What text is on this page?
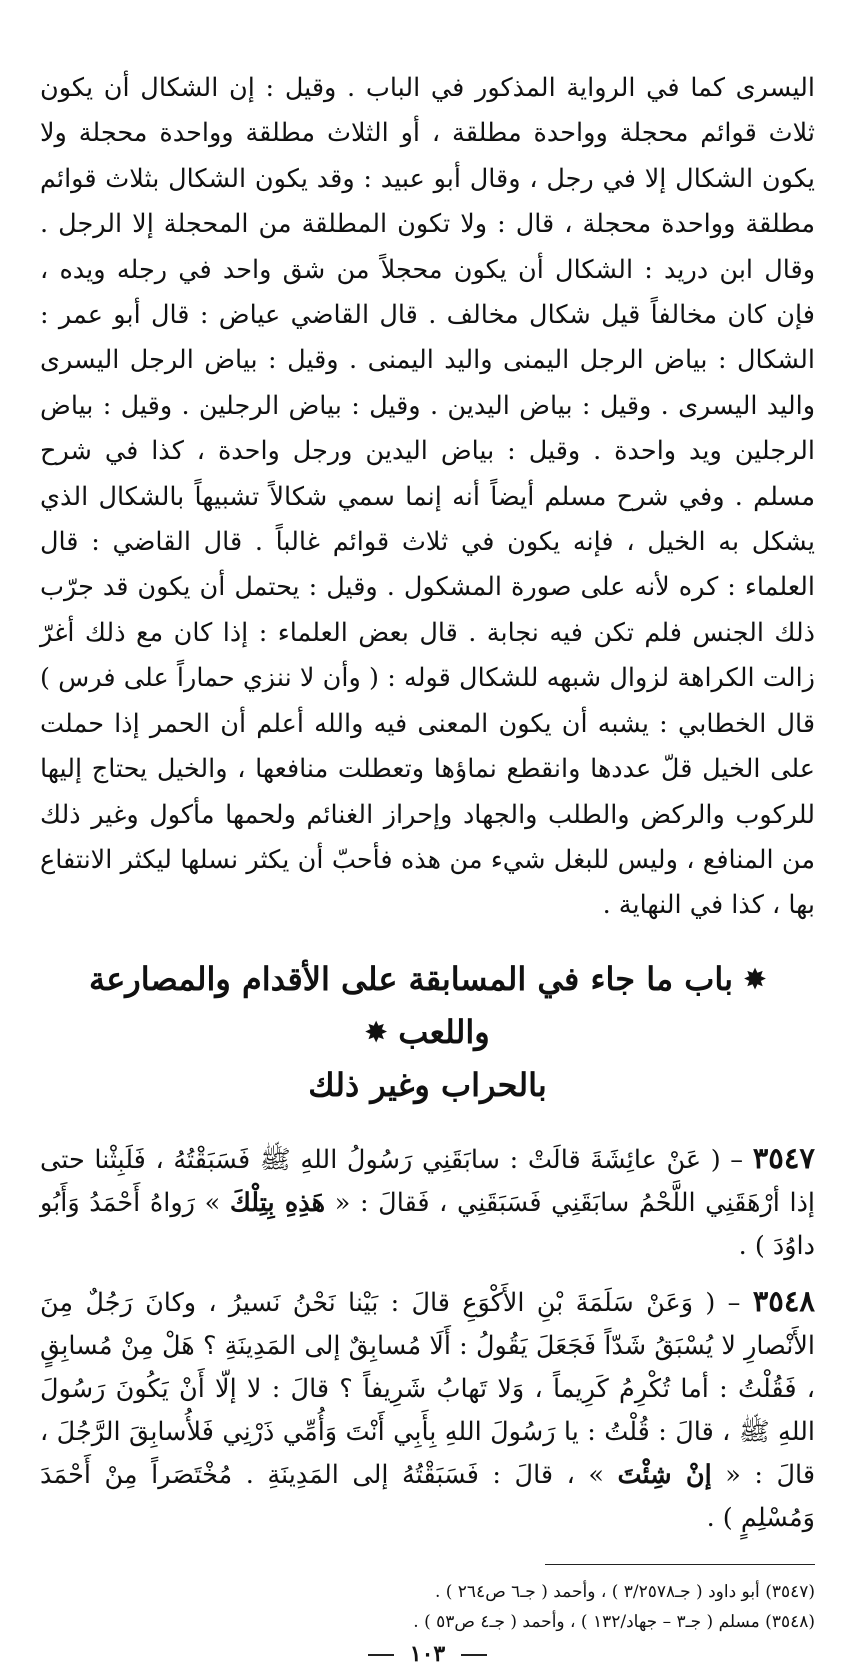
اليسرى كما في الرواية المذكور في الباب . وقيل : إن الشكال أن يكون ثلاث قوائم محجلة وواحدة مطلقة ، أو الثلاث مطلقة وواحدة محجلة ولا يكون الشكال إلا في رجل ، وقال أبو عبيد : وقد يكون الشكال بثلاث قوائم مطلقة وواحدة محجلة ، قال : ولا تكون المطلقة من المحجلة إلا الرجل . وقال ابن دريد : الشكال أن يكون محجلاً من شق واحد في رجله ويده ، فإن كان مخالفاً قيل شكال مخالف . قال القاضي عياض : قال أبو عمر : الشكال : بياض الرجل اليمنى واليد اليمنى . وقيل : بياض الرجل اليسرى واليد اليسرى . وقيل : بياض اليدين . وقيل : بياض الرجلين . وقيل : بياض الرجلين ويد واحدة . وقيل : بياض اليدين ورجل واحدة ، كذا في شرح مسلم . وفي شرح مسلم أيضاً أنه إنما سمي شكالاً تشبيهاً بالشكال الذي يشكل به الخيل ، فإنه يكون في ثلاث قوائم غالباً . قال القاضي : قال العلماء : كره لأنه على صورة المشكول . وقيل : يحتمل أن يكون قد جرّب ذلك الجنس فلم تكن فيه نجابة . قال بعض العلماء : إذا كان مع ذلك أغرّ زالت الكراهة لزوال شبهه للشكال قوله : ( وأن لا ننزي حماراً على فرس ) قال الخطابي : يشبه أن يكون المعنى فيه والله أعلم أن الحمر إذا حملت على الخيل قلّ عددها وانقطع نماؤها وتعطلت منافعها ، والخيل يحتاج إليها للركوب والركض والطلب والجهاد وإحراز الغنائم ولحمها مأكول وغير ذلك من المنافع ، وليس للبغل شيء من هذه فأحبّ أن يكثر نسلها ليكثر الانتفاع بها ، كذا في النهاية .
✸ باب ما جاء في المسابقة على الأقدام والمصارعة واللعب ✸
بالحراب وغير ذلك

٣٥٤٧ – ( عَنْ عائِشَةَ قالَتْ : سابَقَنِي رَسُولُ اللهِ ﷺ فَسَبَقْتُهُ ، فَلَبِثْنا حتى إذا أرْهَقَنِي اللَّحْمُ سابَقَنِي فَسَبَقَنِي ، فَقالَ : « هَذِهِ بِتِلْكَ » رَواهُ أَحْمَدُ وَأَبُو داوُدَ ) .

٣٥٤٨ – ( وَعَنْ سَلَمَةَ بْنِ الأَكْوَعِ قالَ : بَيْنا نَحْنُ نَسيرُ ، وكانَ رَجُلٌ مِنَ الأَنْصارِ لا يُسْبَقُ شَدّاً فَجَعَلَ يَقُولُ : أَلَا مُسابِقٌ إلى المَدِينَةِ ؟ هَلْ مِنْ مُسابِقٍ ، فَقُلْتُ : أما تُكْرِمُ كَرِيماً ، وَلا تَهابُ شَرِيفاً ؟ قالَ : لا إلّا أَنْ يَكُونَ رَسُولَ اللهِ ﷺ ، قالَ : قُلْتُ : يا رَسُولَ اللهِ بِأَبِي أَنْتَ وَأُمِّي ذَرْنِي فَلأُسابِقَ الرَّجُلَ ، قالَ : « إنْ شِئْتَ » ، قالَ : فَسَبَقْتُهُ إلى المَدِينَةِ . مُخْتَصَراً مِنْ أَحْمَدَ وَمُسْلِمٍ ) .

(٣٥٤٧) أبو داود ( جـ٣/٢٥٧٨ ) ، وأحمد ( جـ٦ ص٢٦٤ ) .

(٣٥٤٨) مسلم ( جـ٣ – جهاد/١٣٢ ) ، وأحمد ( جـ٤ ص٥٣ ) .

١٠٣
